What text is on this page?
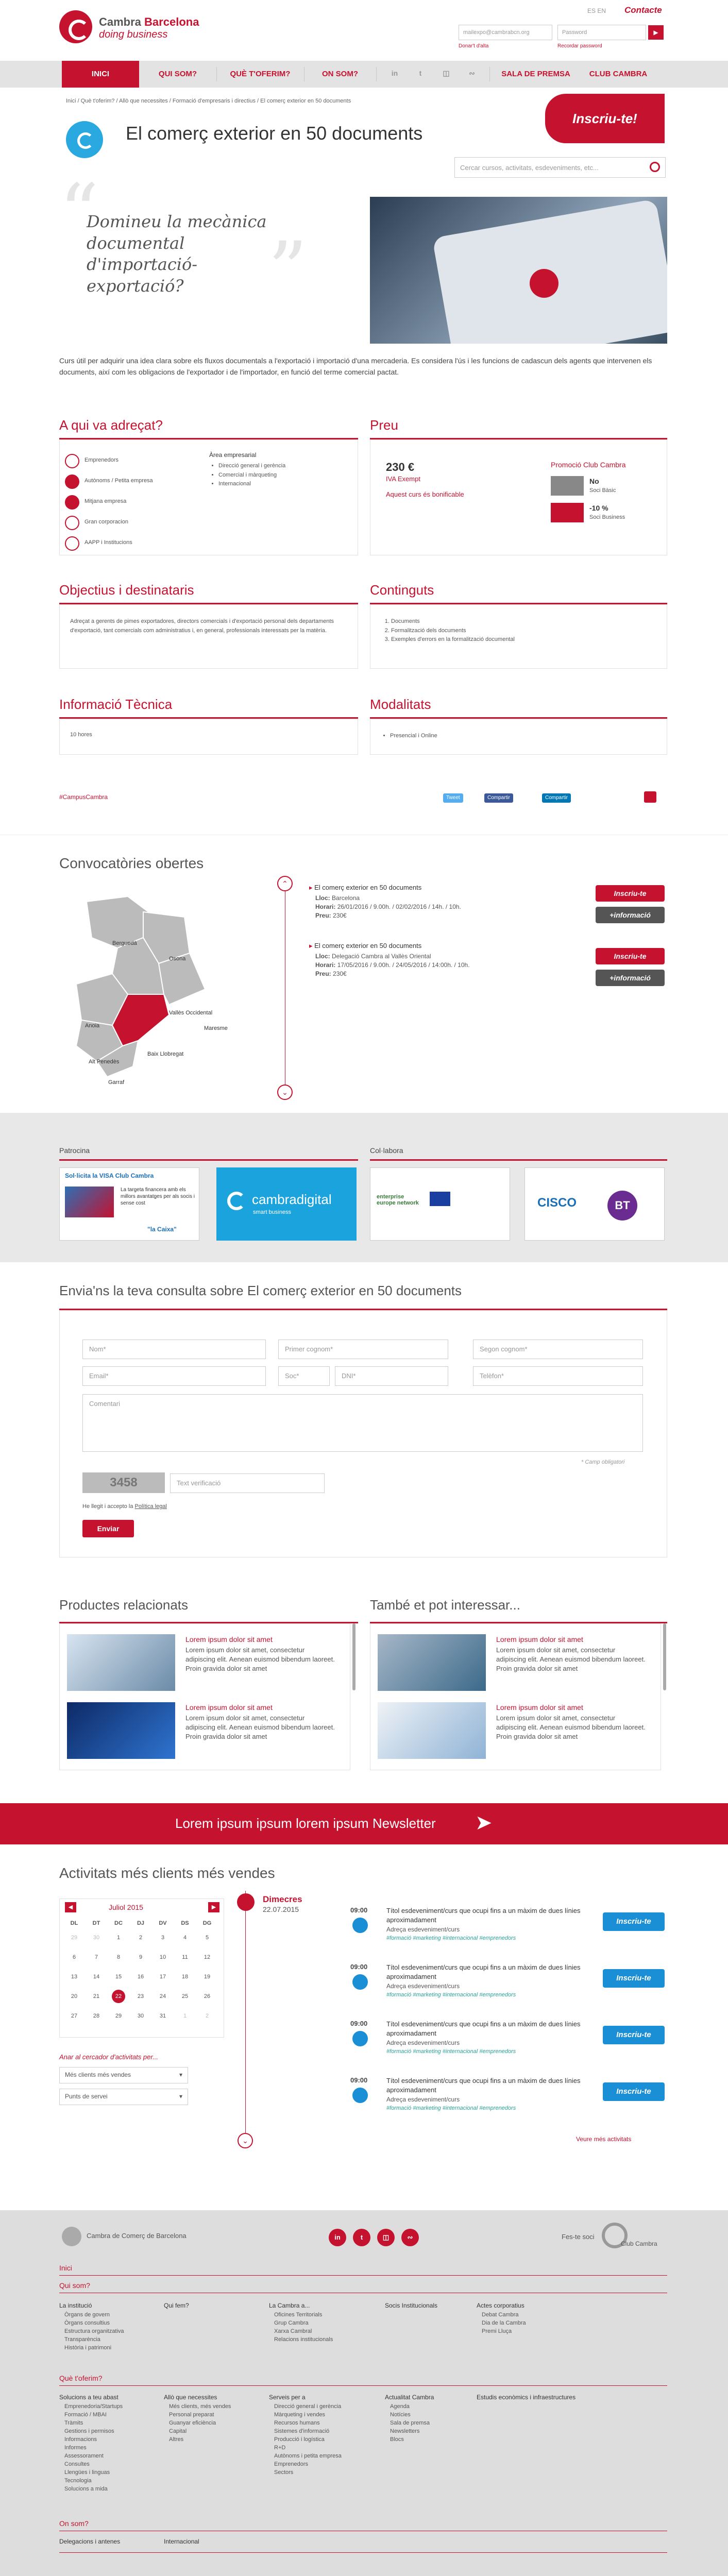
Cambra Barcelona
doing business
ES EN Contacte
mailexpo@cambrabcn.org	Password	▶
Donar't d'alta	Recordar password
INICI	QUI SOM?	QUÈ T'OFERIM?	ON SOM?	in	t	◫	∾	SALA DE PREMSA	CLUB CAMBRA
Inici / Què t'oferim? / Allò que necessites / Formació d'empresaris i directius / El comerç exterior en 50 documents
Inscriu-te!
El comerç exterior en 50 documents
Cercar cursos, activitats, esdeveniments, etc...
“
”
Domineu la mecànica documental d'importació-exportació?
Curs útil per adquirir una idea clara sobre els fluxos documentals a l'exportació i importació d'una mercaderia. Es considera l'ús i les funcions de cadascun dels agents que intervenen els documents, així com les obligacions de l'exportador i de l'importador, en funció del terme comercial pactat.
A qui va adreçat?
Emprenedors
Autònoms / Petita empresa
Mitjana empresa
Gran corporacion
AAPP i Institucions
Àrea empresarial
• Direcció general i gerència
• Comercial i màrqueting
• Internacional
Preu
230 €
IVA Exempt
Aquest curs és bonificable
Promoció Club Cambra
No
Soci Bàsic
-10 %
Soci Business
Objectius i destinataris
Adreçat a gerents de pimes exportadores, directors comercials i d'exportació personal dels departaments d'exportació, tant comercials com administratius i, en general, professionals interessats per la matèria.
Continguts
1. Documents
2. Formalització dels documents
3. Exemples d'errors en la formalització documental
Informació Tècnica
10 hores
Modalitats
• Presencial i Online
#CampusCambra	Tweet	Compartir	Compartir
Convocatòries obertes
Berguedà
Osona
Vallès Occidental
Maresme
Anoia
Alt Penedès
Baix Llobregat
Garraf
⌃
⌄
▸ El comerç exterior en 50 documents
Lloc: Barcelona
Horari: 26/01/2016 / 9.00h. / 02/02/2016 / 14h. / 10h.
Preu: 230€
Inscriu-te
+informació
▸ El comerç exterior en 50 documents
Lloc: Delegació Cambra al Vallès Oriental
Horari: 17/05/2016 / 9.00h. / 24/05/2016 / 14:00h. / 10h.
Preu: 230€
Inscriu-te
+informació
Patrocina
Sol·licita la VISA Club Cambra
La targeta financera amb els millors avantatges per als socis i sense cost
"la Caixa"
cambradigital
smart business
Col·labora
enterprise europe network	CISCO	BT
Envia'ns la teva consulta sobre El comerç exterior en 50 documents
Nom*	Primer cognom*	Segon cognom*
Email*	Soc*	DNI*	Telèfon*
Comentari
* Camp obligatori
3458	Text verificació
He llegit i accepto la Política legal
Enviar
Productes relacionats
Lorem ipsum dolor sit amet
Lorem ipsum dolor sit amet, consectetur adipiscing elit. Aenean euismod bibendum laoreet. Proin gravida dolor sit amet
Lorem ipsum dolor sit amet
Lorem ipsum dolor sit amet, consectetur adipiscing elit. Aenean euismod bibendum laoreet. Proin gravida dolor sit amet
També et pot interessar...
Lorem ipsum dolor sit amet
Lorem ipsum dolor sit amet, consectetur adipiscing elit. Aenean euismod bibendum laoreet. Proin gravida dolor sit amet
Lorem ipsum dolor sit amet
Lorem ipsum dolor sit amet, consectetur adipiscing elit. Aenean euismod bibendum laoreet. Proin gravida dolor sit amet
Lorem ipsum ipsum lorem ipsum Newsletter ➤
Activitats més clients més vendes
◀	Juliol 2015	▶
DL	DT	DC	DJ	DV	DS	DG
29	30	1	2	3	4	5
6	7	8	9	10	11	12
13	14	15	16	17	18	19
20	21	22	23	24	25	26
27	28	29	30	31	1	2
Anar al cercador d'activitats per...
Més clients més vendes	▾
Punts de servei	▾
Dimecres
22.07.2015
⌄
09:00	Títol esdeveniment/curs que ocupi fins a un màxim de dues línies aproximadament
Adreça esdeveniment/curs
#formació #marketing #internacional #emprenedors
Inscriu-te
09:00	Títol esdeveniment/curs que ocupi fins a un màxim de dues línies aproximadament
Adreça esdeveniment/curs
#formació #marketing #internacional #emprenedors
Inscriu-te
09:00	Títol esdeveniment/curs que ocupi fins a un màxim de dues línies aproximadament
Adreça esdeveniment/curs
#formació #marketing #internacional #emprenedors
Inscriu-te
09:00	Títol esdeveniment/curs que ocupi fins a un màxim de dues línies aproximadament
Adreça esdeveniment/curs
#formació #marketing #internacional #emprenedors
Inscriu-te
Veure més activitats
Cambra de Comerç de Barcelona	in	t	◫	∾	Fes-te soci
Club Cambra
Inici
Qui som?
La institució
Òrgans de govern
Òrgans consultius
Estructura organitzativa
Transparència
Història i patrimoni
Qui fem?	La Cambra a...
Oficines Territorials
Grup Cambra
Xarxa Cambral
Relacions institucionals
Socis Institucionals	Actes corporatius
Debat Cambra
Dia de la Cambra
Premi Lluça
Què t'oferim?
Solucions a teu abast
Emprenedoria/Startups
Formació / MBAI
Tràmits
Gestions i permisos
Informacions
Informes
Assessorament
Consultes
Llengües i linguas
Tecnologia
Solucions a mida
Allò que necessites
Més clients, més vendes
Personal preparat
Guanyar eficiència
Capital
Altres
Serveis per a
Direcció general i gerència
Màrqueting i vendes
Recursos humans
Sistemes d'informació
Producció i logística
R+D
Autònoms i petita empresa
Emprenedors
Sectors
Actualitat Cambra
Agenda
Notícies
Sala de premsa
Newsletters
Blocs
Estudis econòmics i infraestructures
On som?
Delegacions i antenes	Internacional
